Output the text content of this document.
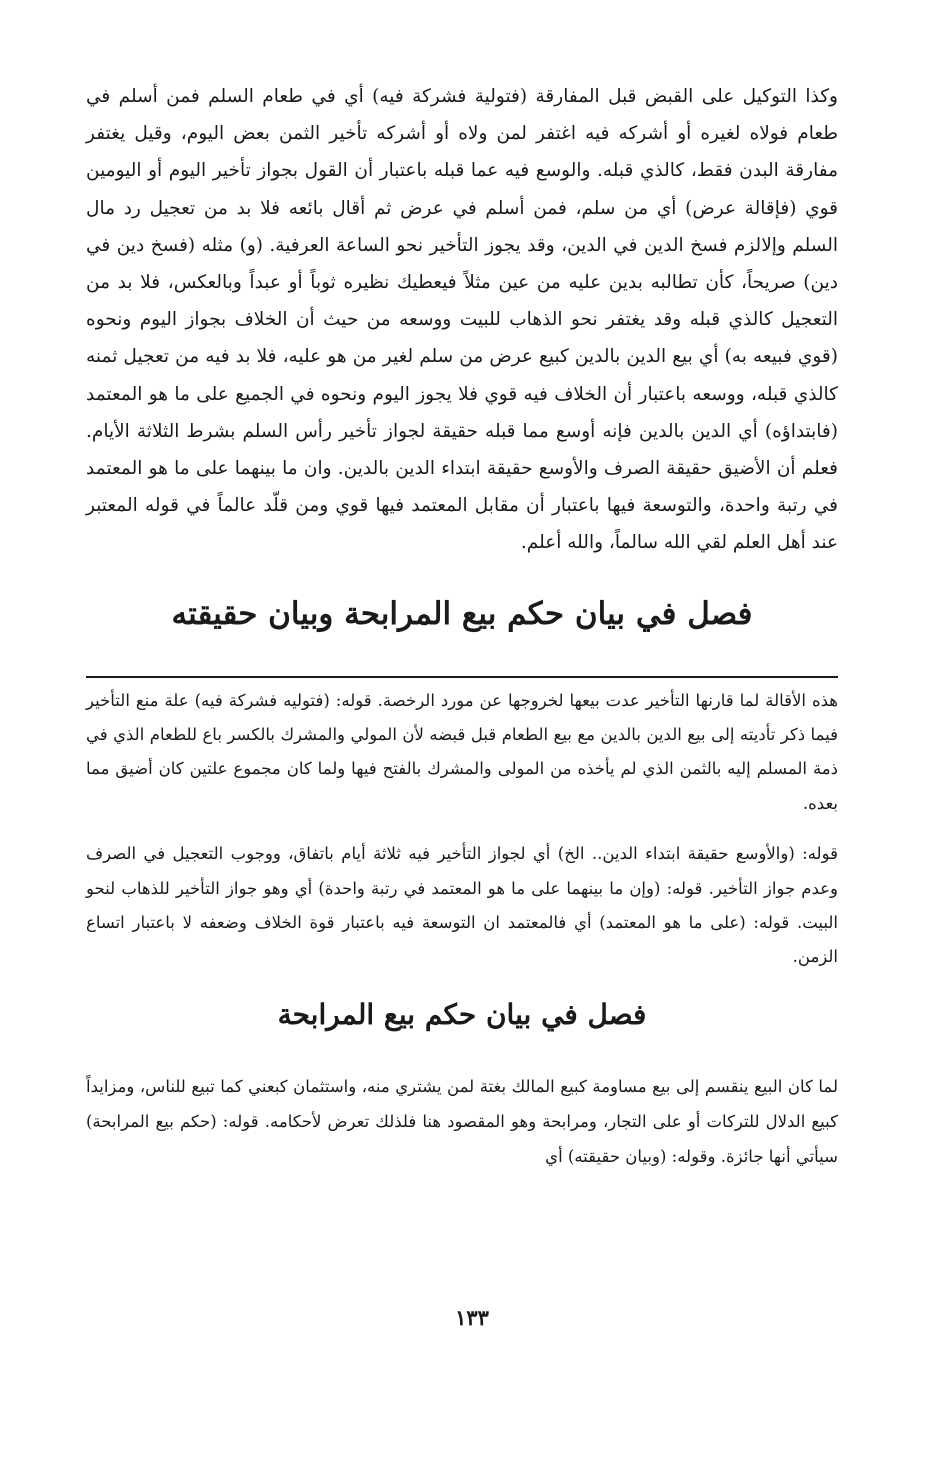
وكذا التوكيل على القبض قبل المفارقة (فتولية فشركة فيه) أي في طعام السلم فمن أسلم في طعام فولاه لغيره أو أشركه فيه اغتفر لمن ولاه أو أشركه تأخير الثمن بعض اليوم، وقيل يغتفر مفارقة البدن فقط، كالذي قبله. والوسع فيه عما قبله باعتبار أن القول بجواز تأخير اليوم أو اليومين قوي (فإقالة عرض) أي من سلم، فمن أسلم في عرض ثم أقال بائعه فلا بد من تعجيل رد مال السلم وإلالزم فسخ الدين في الدين، وقد يجوز التأخير نحو الساعة العرفية. (و) مثله (فسخ دين في دين) صريحاً، كأن تطالبه بدين عليه من عين مثلاً فيعطيك نظيره ثوباً أو عبداً وبالعكس، فلا بد من التعجيل كالذي قبله وقد يغتفر نحو الذهاب للبيت ووسعه من حيث أن الخلاف بجواز اليوم ونحوه (قوي فبيعه به) أي بيع الدين بالدين كبيع عرض من سلم لغير من هو عليه، فلا بد فيه من تعجيل ثمنه كالذي قبله، ووسعه باعتبار أن الخلاف فيه قوي فلا يجوز اليوم ونحوه في الجميع على ما هو المعتمد (فابتداؤه) أي الدين بالدين فإنه أوسع مما قبله حقيقة لجواز تأخير رأس السلم بشرط الثلاثة الأيام. فعلم أن الأضيق حقيقة الصرف والأوسع حقيقة ابتداء الدين بالدين. وان ما بينهما على ما هو المعتمد في رتبة واحدة، والتوسعة فيها باعتبار أن مقابل المعتمد فيها قوي ومن قلّد عالماً في قوله المعتبر عند أهل العلم لقي الله سالماً، والله أعلم.

فصل في بيان حكم بيع المرابحة وبيان حقيقته

هذه الأقالة لما قارنها التأخير عدت بيعها لخروجها عن مورد الرخصة. قوله: (فتوليه فشركة فيه) علة منع التأخير فيما ذكر تأديته إلى بيع الدين بالدين مع بيع الطعام قبل قبضه لأن المولي والمشرك بالكسر باع للطعام الذي في ذمة المسلم إليه بالثمن الذي لم يأخذه من المولى والمشرك بالفتح فيها ولما كان مجموع علتين كان أضيق مما بعده.

قوله: (والأوسع حقيقة ابتداء الدين.. الخ) أي لجواز التأخير فيه ثلاثة أيام باتفاق، ووجوب التعجيل في الصرف وعدم جواز التأخير. قوله: (وإن ما بينهما على ما هو المعتمد في رتبة واحدة) أي وهو جواز التأخير للذهاب لنحو البيت. قوله: (على ما هو المعتمد) أي فالمعتمد ان التوسعة فيه باعتبار قوة الخلاف وضعفه لا باعتبار اتساع الزمن.

فصل في بيان حكم بيع المرابحة

لما كان البيع ينقسم إلى بيع مساومة كبيع المالك بغتة لمن يشتري منه، واستثمان كبعني كما تبيع للناس، ومزايداً كبيع الدلال للتركات أو على التجار، ومرابحة وهو المقصود هنا فلذلك تعرض لأحكامه. قوله: (حكم بيع المرابحة) سيأتي أنها جائزة. وقوله: (وبيان حقيقته) أي

١٣٣
